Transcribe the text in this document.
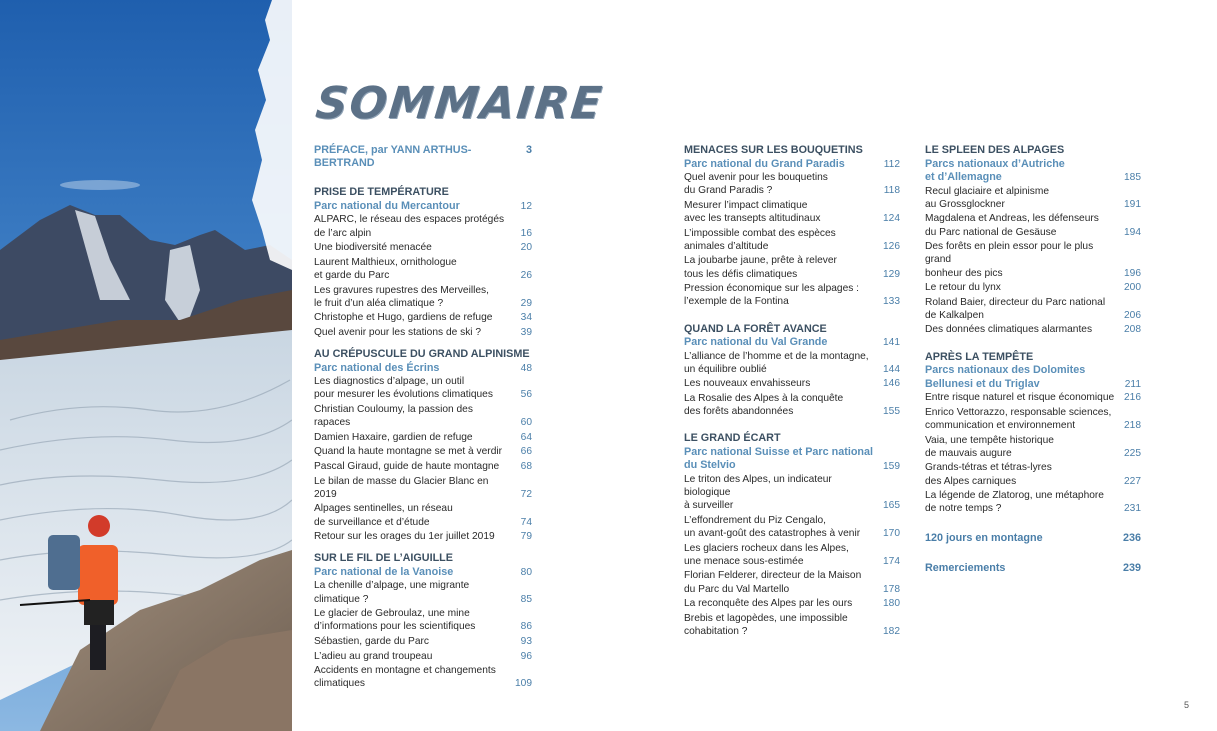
SOMMAIRE
PRÉFACE, par YANN ARTHUS-BERTRAND
3
PRISE DE TEMPÉRATURE
Parc national du Mercantour	12
ALPARC, le réseau des espaces protégés
de l’arc alpin	16
Une biodiversité menacée	20
Laurent Malthieux, ornithologue
et garde du Parc	26
Les gravures rupestres des Merveilles,
le fruit d’un aléa climatique ?	29
Christophe et Hugo, gardiens de refuge	34
Quel avenir pour les stations de ski ?	39
AU CRÉPUSCULE DU GRAND ALPINISME
Parc national des Écrins	48
Les diagnostics d’alpage, un outil
pour mesurer les évolutions climatiques	56
Christian Couloumy, la passion des rapaces	60
Damien Haxaire, gardien de refuge	64
Quand la haute montagne se met à verdir	66
Pascal Giraud, guide de haute montagne	68
Le bilan de masse du Glacier Blanc en 2019	72
Alpages sentinelles, un réseau
de surveillance et d’étude	74
Retour sur les orages du 1er juillet 2019	79
SUR LE FIL DE L’AIGUILLE
Parc national de la Vanoise	80
La chenille d’alpage, une migrante climatique ?	85
Le glacier de Gebroulaz, une mine
d’informations pour les scientifiques	86
Sébastien, garde du Parc	93
L’adieu au grand troupeau	96
Accidents en montagne et changements
climatiques	109
MENACES SUR LES BOUQUETINS
Parc national du Grand Paradis	112
Quel avenir pour les bouquetins
du Grand Paradis ?	118
Mesurer l’impact climatique
avec les transepts altitudinaux	124
L’impossible combat des espèces
animales d’altitude	126
La joubarbe jaune, prête à relever
tous les défis climatiques	129
Pression économique sur les alpages :
l’exemple de la Fontina	133
QUAND LA FORÊT AVANCE
Parc national du Val Grande	141
L’alliance de l’homme et de la montagne,
un équilibre oublié	144
Les nouveaux envahisseurs	146
La Rosalie des Alpes à la conquête
des forêts abandonnées	155
LE GRAND ÉCART
Parc national Suisse et Parc national
du Stelvio	159
Le triton des Alpes, un indicateur biologique
à surveiller	165
L’effondrement du Piz Cengalo,
un avant-goût des catastrophes à venir	170
Les glaciers rocheux dans les Alpes,
une menace sous-estimée	174
Florian Felderer, directeur de la Maison
du Parc du Val Martello	178
La reconquête des Alpes par les ours	180
Brebis et lagopèdes, une impossible
cohabitation ?	182
LE SPLEEN DES ALPAGES
Parcs nationaux d’Autriche
et d’Allemagne	185
Recul glaciaire et alpinisme
au Grossglockner	191
Magdalena et Andreas, les défenseurs
du Parc national de Gesäuse	194
Des forêts en plein essor pour le plus grand
bonheur des pics	196
Le retour du lynx	200
Roland Baier, directeur du Parc national
de Kalkalpen	206
Des données climatiques alarmantes	208
APRÈS LA TEMPÊTE
Parcs nationaux des Dolomites
Bellunesi et du Triglav	211
Entre risque naturel et risque économique 216
Enrico Vettorazzo, responsable sciences,
communication et environnement	218
Vaia, une tempête historique
de mauvais augure	225
Grands-tétras et tétras-lyres
des Alpes carniques	227
La légende de Zlatorog, une métaphore
de notre temps ?	231
120 jours en montagne	236
Remerciements	239
5
